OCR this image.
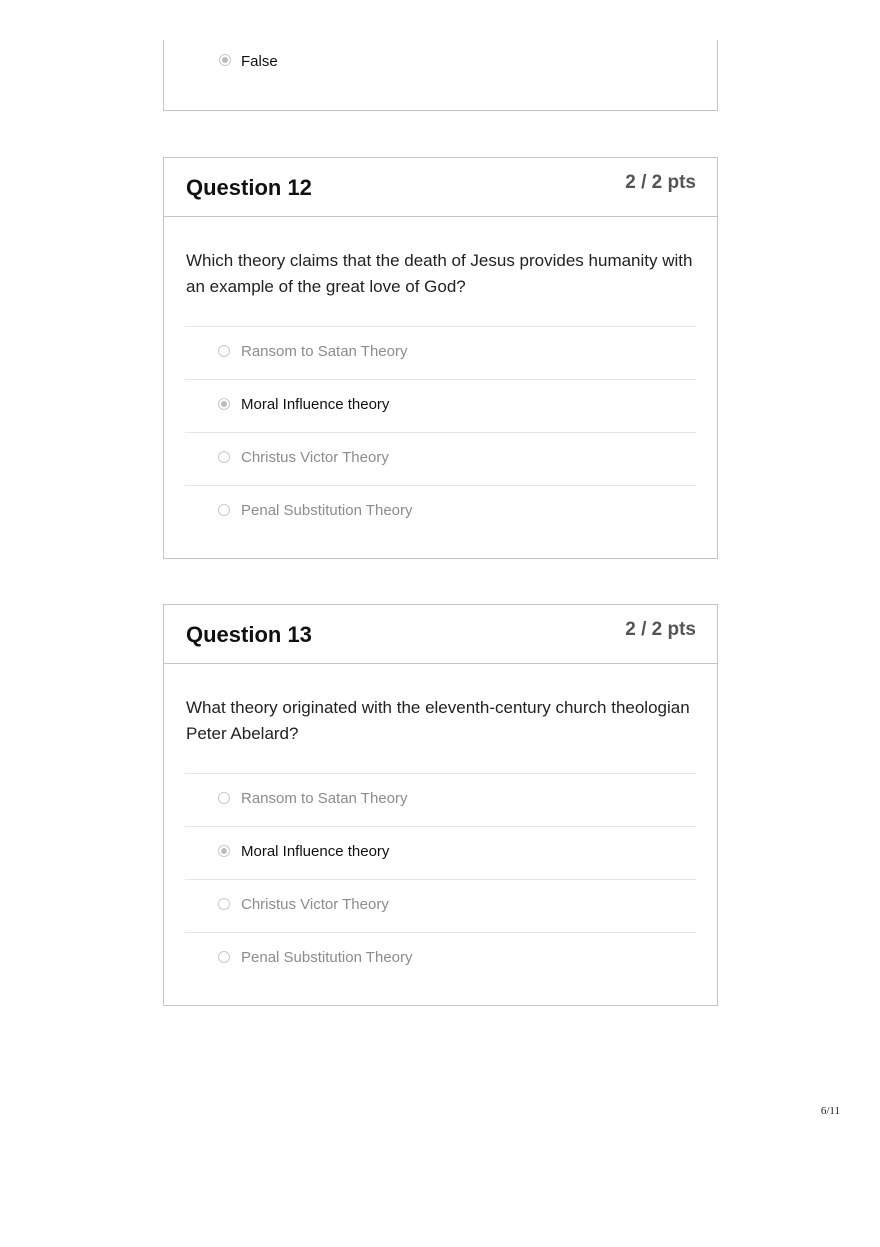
False
Question 12	2 / 2 pts

Which theory claims that the death of Jesus provides humanity with an example of the great love of God?

Ransom to Satan Theory
Moral Influence theory
Christus Victor Theory
Penal Substitution Theory
Question 13	2 / 2 pts

What theory originated with the eleventh-century church theologian Peter Abelard?

Ransom to Satan Theory
Moral Influence theory
Christus Victor Theory
Penal Substitution Theory
6/11
